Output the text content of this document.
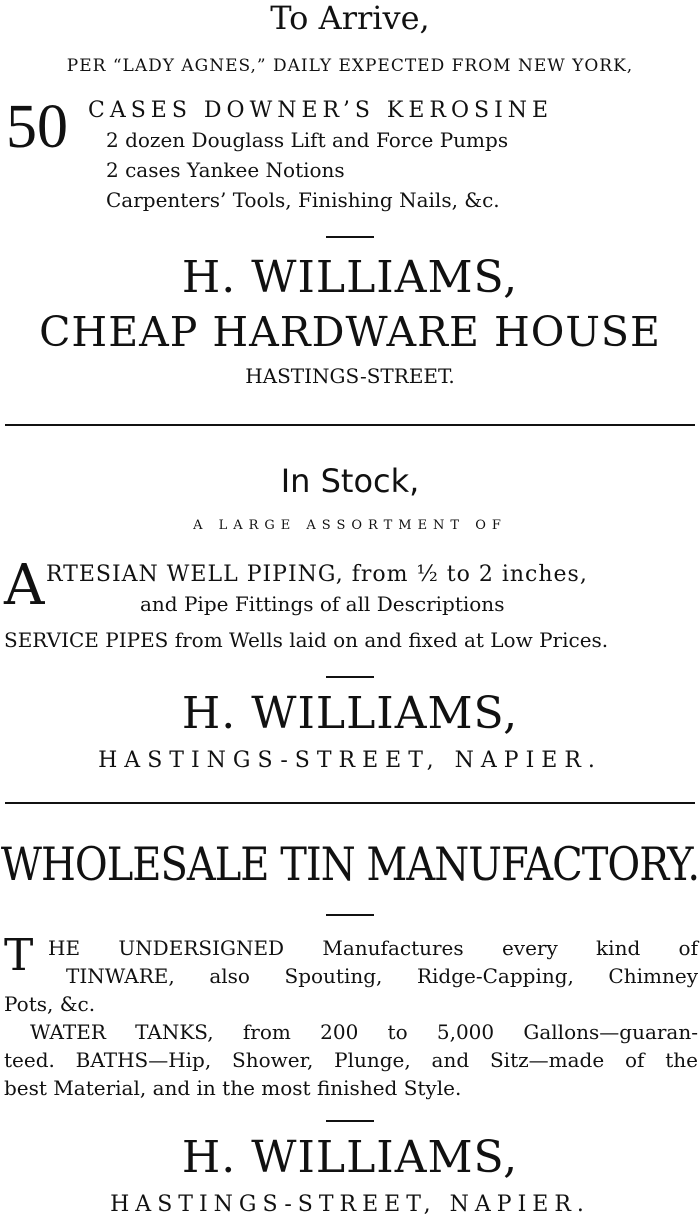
To Arrive,
PER “LADY AGNES,” DAILY EXPECTED FROM NEW YORK,
50 CASES DOWNER’S KEROSINE
2 dozen Douglass Lift and Force Pumps
2 cases Yankee Notions
Carpenters’ Tools, Finishing Nails, &c.
H. WILLIAMS,
CHEAP HARDWARE HOUSE
HASTINGS-STREET.
In Stock,
A LARGE ASSORTMENT OF
A RTESIAN WELL PIPING, from ½ to 2 inches,
and Pipe Fittings of all Descriptions
SERVICE PIPES from Wells laid on and fixed at Low Prices.
H. WILLIAMS,
HASTINGS-STREET, NAPIER.
WHOLESALE TIN MANUFACTORY.
T HE UNDERSIGNED Manufactures every kind of
TINWARE, also Spouting, Ridge-Capping, Chimney
Pots, &c.
WATER TANKS, from 200 to 5,000 Gallons—guaran-
teed. BATHS—Hip, Shower, Plunge, and Sitz—made of the
best Material, and in the most finished Style.
H. WILLIAMS,
HASTINGS-STREET, NAPIER.
